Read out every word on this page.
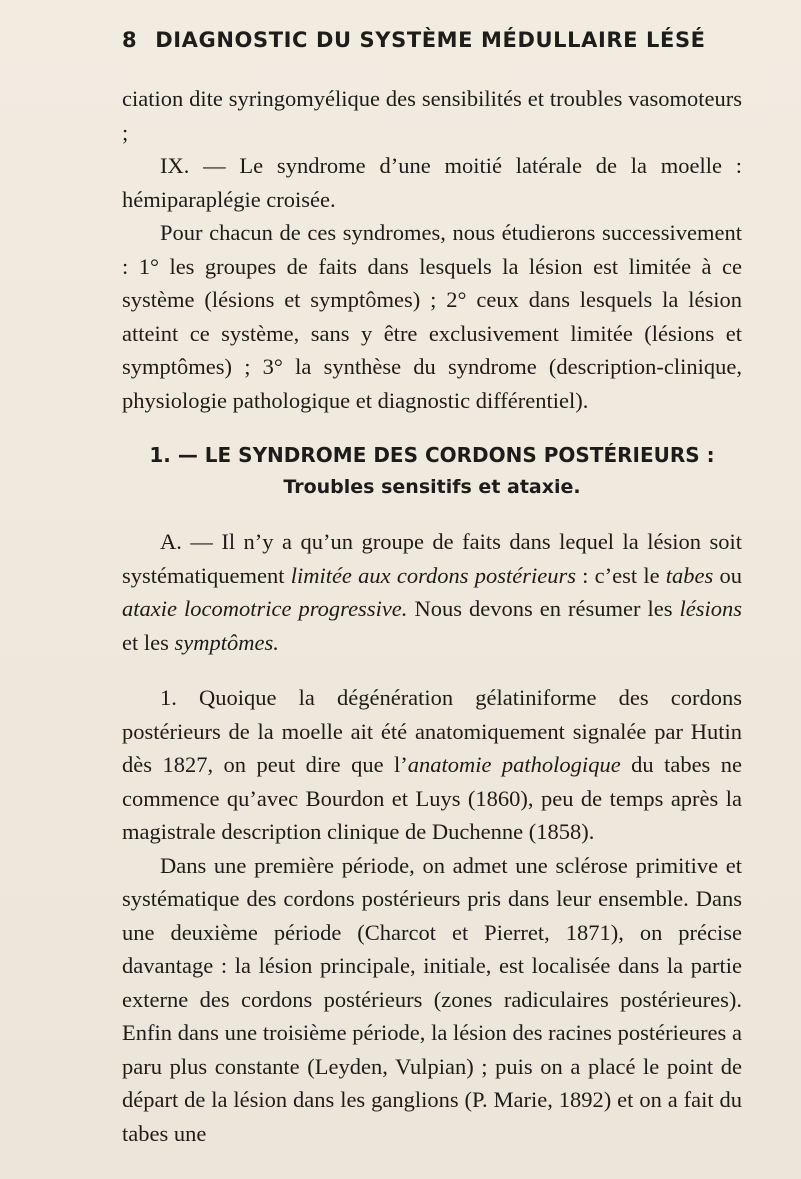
8 DIAGNOSTIC DU SYSTÈME MÉDULLAIRE LÉSÉ

ciation dite syringomyélique des sensibilités et troubles vasomoteurs ;

IX. — Le syndrome d’une moitié latérale de la moelle : hémiparaplégie croisée.

Pour chacun de ces syndromes, nous étudierons successivement : 1° les groupes de faits dans lesquels la lésion est limitée à ce système (lésions et symptômes) ; 2° ceux dans lesquels la lésion atteint ce système, sans y être exclusivement limitée (lésions et symptômes) ; 3° la synthèse du syndrome (description-clinique, physiologie pathologique et diagnostic différentiel).

1. — LE SYNDROME DES CORDONS POSTÉRIEURS :
Troubles sensitifs et ataxie.

A. — Il n’y a qu’un groupe de faits dans lequel la lésion soit systématiquement limitée aux cordons postérieurs : c’est le tabes ou ataxie locomotrice progressive. Nous devons en résumer les lésions et les symptômes.

1. Quoique la dégénération gélatiniforme des cordons postérieurs de la moelle ait été anatomiquement signalée par Hutin dès 1827, on peut dire que l’anatomie pathologique du tabes ne commence qu’avec Bourdon et Luys (1860), peu de temps après la magistrale description clinique de Duchenne (1858).

Dans une première période, on admet une sclérose primitive et systématique des cordons postérieurs pris dans leur ensemble. Dans une deuxième période (Charcot et Pierret, 1871), on précise davantage : la lésion principale, initiale, est localisée dans la partie externe des cordons postérieurs (zones radiculaires postérieures). Enfin dans une troisième période, la lésion des racines postérieures a paru plus constante (Leyden, Vulpian) ; puis on a placé le point de départ de la lésion dans les ganglions (P. Marie, 1892) et on a fait du tabes une
